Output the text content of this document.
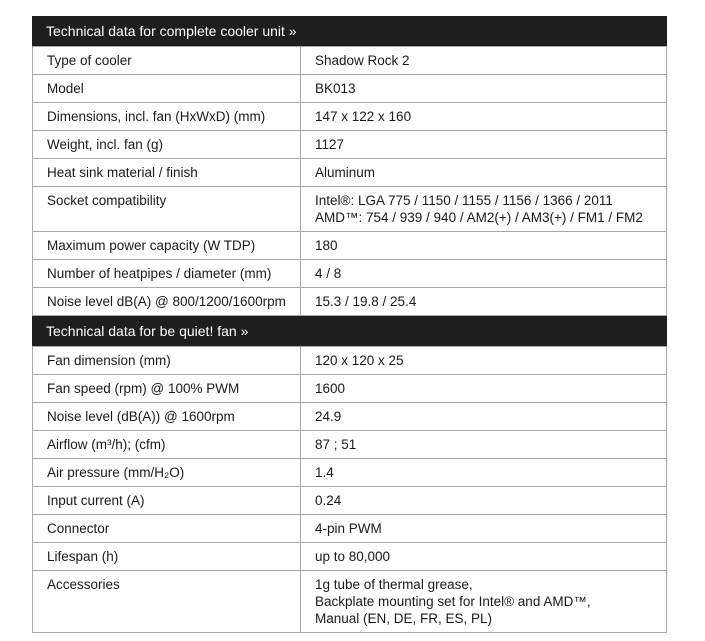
Technical data for complete cooler unit »
Type of cooler	Shadow Rock 2

Model	BK013

Dimensions, incl. fan (HxWxD) (mm)	147 x 122 x 160

Weight, incl. fan (g)	1127

Heat sink material / finish	Aluminum

Socket compatibility	Intel®: LGA 775 / 1150 / 1155 / 1156 / 1366 / 2011
AMD™: 754 / 939 / 940 / AM2(+) / AM3(+) / FM1 / FM2

Maximum power capacity (W TDP)	180

Number of heatpipes / diameter (mm)	4 / 8

Noise level dB(A) @ 800/1200/1600rpm	15.3 / 19.8 / 25.4
Technical data for be quiet! fan »
Fan dimension (mm)	120 x 120 x 25

Fan speed (rpm) @ 100% PWM	1600

Noise level (dB(A)) @ 1600rpm	24.9

Airflow (m³/h); (cfm)	87 ; 51

Air pressure (mm/H₂O)	1.4

Input current (A)	0.24

Connector	4-pin PWM

Lifespan (h)	up to 80,000

Accessories	1g tube of thermal grease,
Backplate mounting set for Intel® and AMD™,
Manual (EN, DE, FR, ES, PL)
